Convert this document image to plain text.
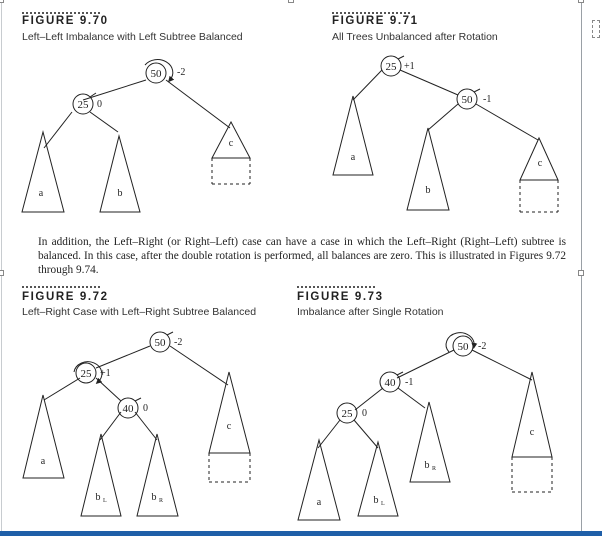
FIGURE 9.70
Left–Left Imbalance with Left Subtree Balanced
FIGURE 9.71
All Trees Unbalanced after Rotation
In addition, the Left–Right (or Right–Left) case can have a case in which the Left–Right (Right–Left) subtree is balanced. In this case, after the double rotation is performed, all balances are zero. This is illustrated in Figures 9.72 through 9.74.
FIGURE 9.72
Left–Right Case with Left–Right Subtree Balanced
FIGURE 9.73
Imbalance after Single Rotation
50 -2
25 0
a	b
c
25 +1
50 -1
a
b
c
50 -2
25 +1
40 0
a
b L	b R
c
50 -2
40 -1
25 0
a	b L
b R
c
